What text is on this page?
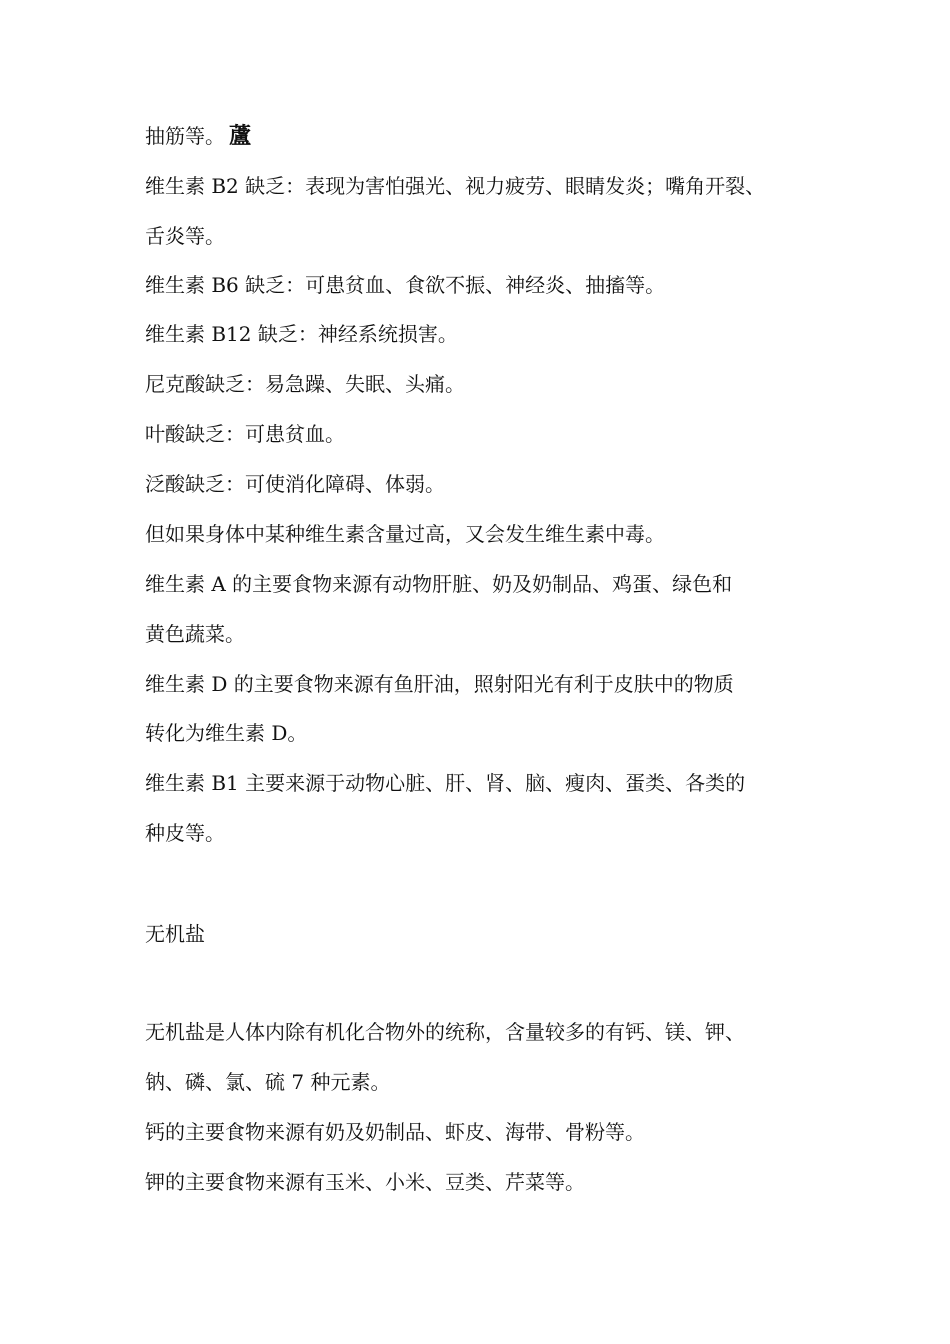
抽筋等。 蘆
维生素 B2 缺乏：表现为害怕强光、视力疲劳、眼睛发炎；嘴角开裂、
舌炎等。
维生素 B6 缺乏：可患贫血、食欲不振、神经炎、抽搐等。
维生素 B12 缺乏：神经系统损害。
尼克酸缺乏：易急躁、失眠、头痛。
叶酸缺乏：可患贫血。
泛酸缺乏：可使消化障碍、体弱。
但如果身体中某种维生素含量过高，又会发生维生素中毒。
维生素 A 的主要食物来源有动物肝脏、奶及奶制品、鸡蛋、绿色和
黄色蔬菜。
维生素 D 的主要食物来源有鱼肝油，照射阳光有利于皮肤中的物质
转化为维生素 D。
维生素 B1 主要来源于动物心脏、肝、肾、脑、瘦肉、蛋类、各类的
种皮等。
无机盐
无机盐是人体内除有机化合物外的统称，含量较多的有钙、镁、钾、
钠、磷、氯、硫 7 种元素。
钙的主要食物来源有奶及奶制品、虾皮、海带、骨粉等。
钾的主要食物来源有玉米、小米、豆类、芹菜等。
